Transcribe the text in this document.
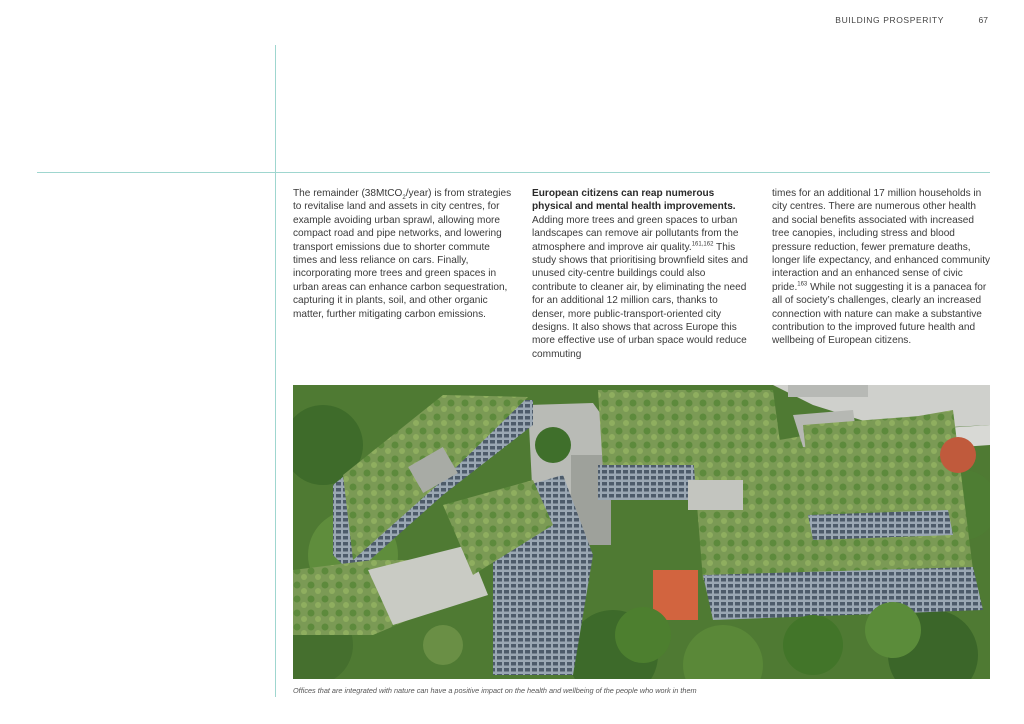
BUILDING PROSPERITY	67

The remainder (38MtCO$_2$/year) is from strategies to revitalise land and assets in city centres, for example avoiding urban sprawl, allowing more compact road and pipe networks, and lowering transport emissions due to shorter commute times and less reliance on cars. Finally, incorporating more trees and green spaces in urban areas can enhance carbon sequestration, capturing it in plants, soil, and other organic matter, further mitigating carbon emissions.

European citizens can reap numerous physical and mental health improvements. Adding more trees and green spaces to urban landscapes can remove air pollutants from the atmosphere and improve air quality.$^{161,162}$ This study shows that prioritising brownfield sites and unused city-centre buildings could also contribute to cleaner air, by eliminating the need for an additional 12 million cars, thanks to denser, more public-transport-oriented city designs. It also shows that across Europe this more effective use of urban space would reduce commuting

times for an additional 17 million households in city centres. There are numerous other health and social benefits associated with increased tree canopies, including stress and blood pressure reduction, fewer premature deaths, longer life expectancy, and enhanced community interaction and an enhanced sense of civic pride.$^{163}$ While not suggesting it is a panacea for all of society’s challenges, clearly an increased connection with nature can make a substantive contribution to the improved future health and wellbeing of European citizens.

Offices that are integrated with nature can have a positive impact on the health and wellbeing of the people who work in them
